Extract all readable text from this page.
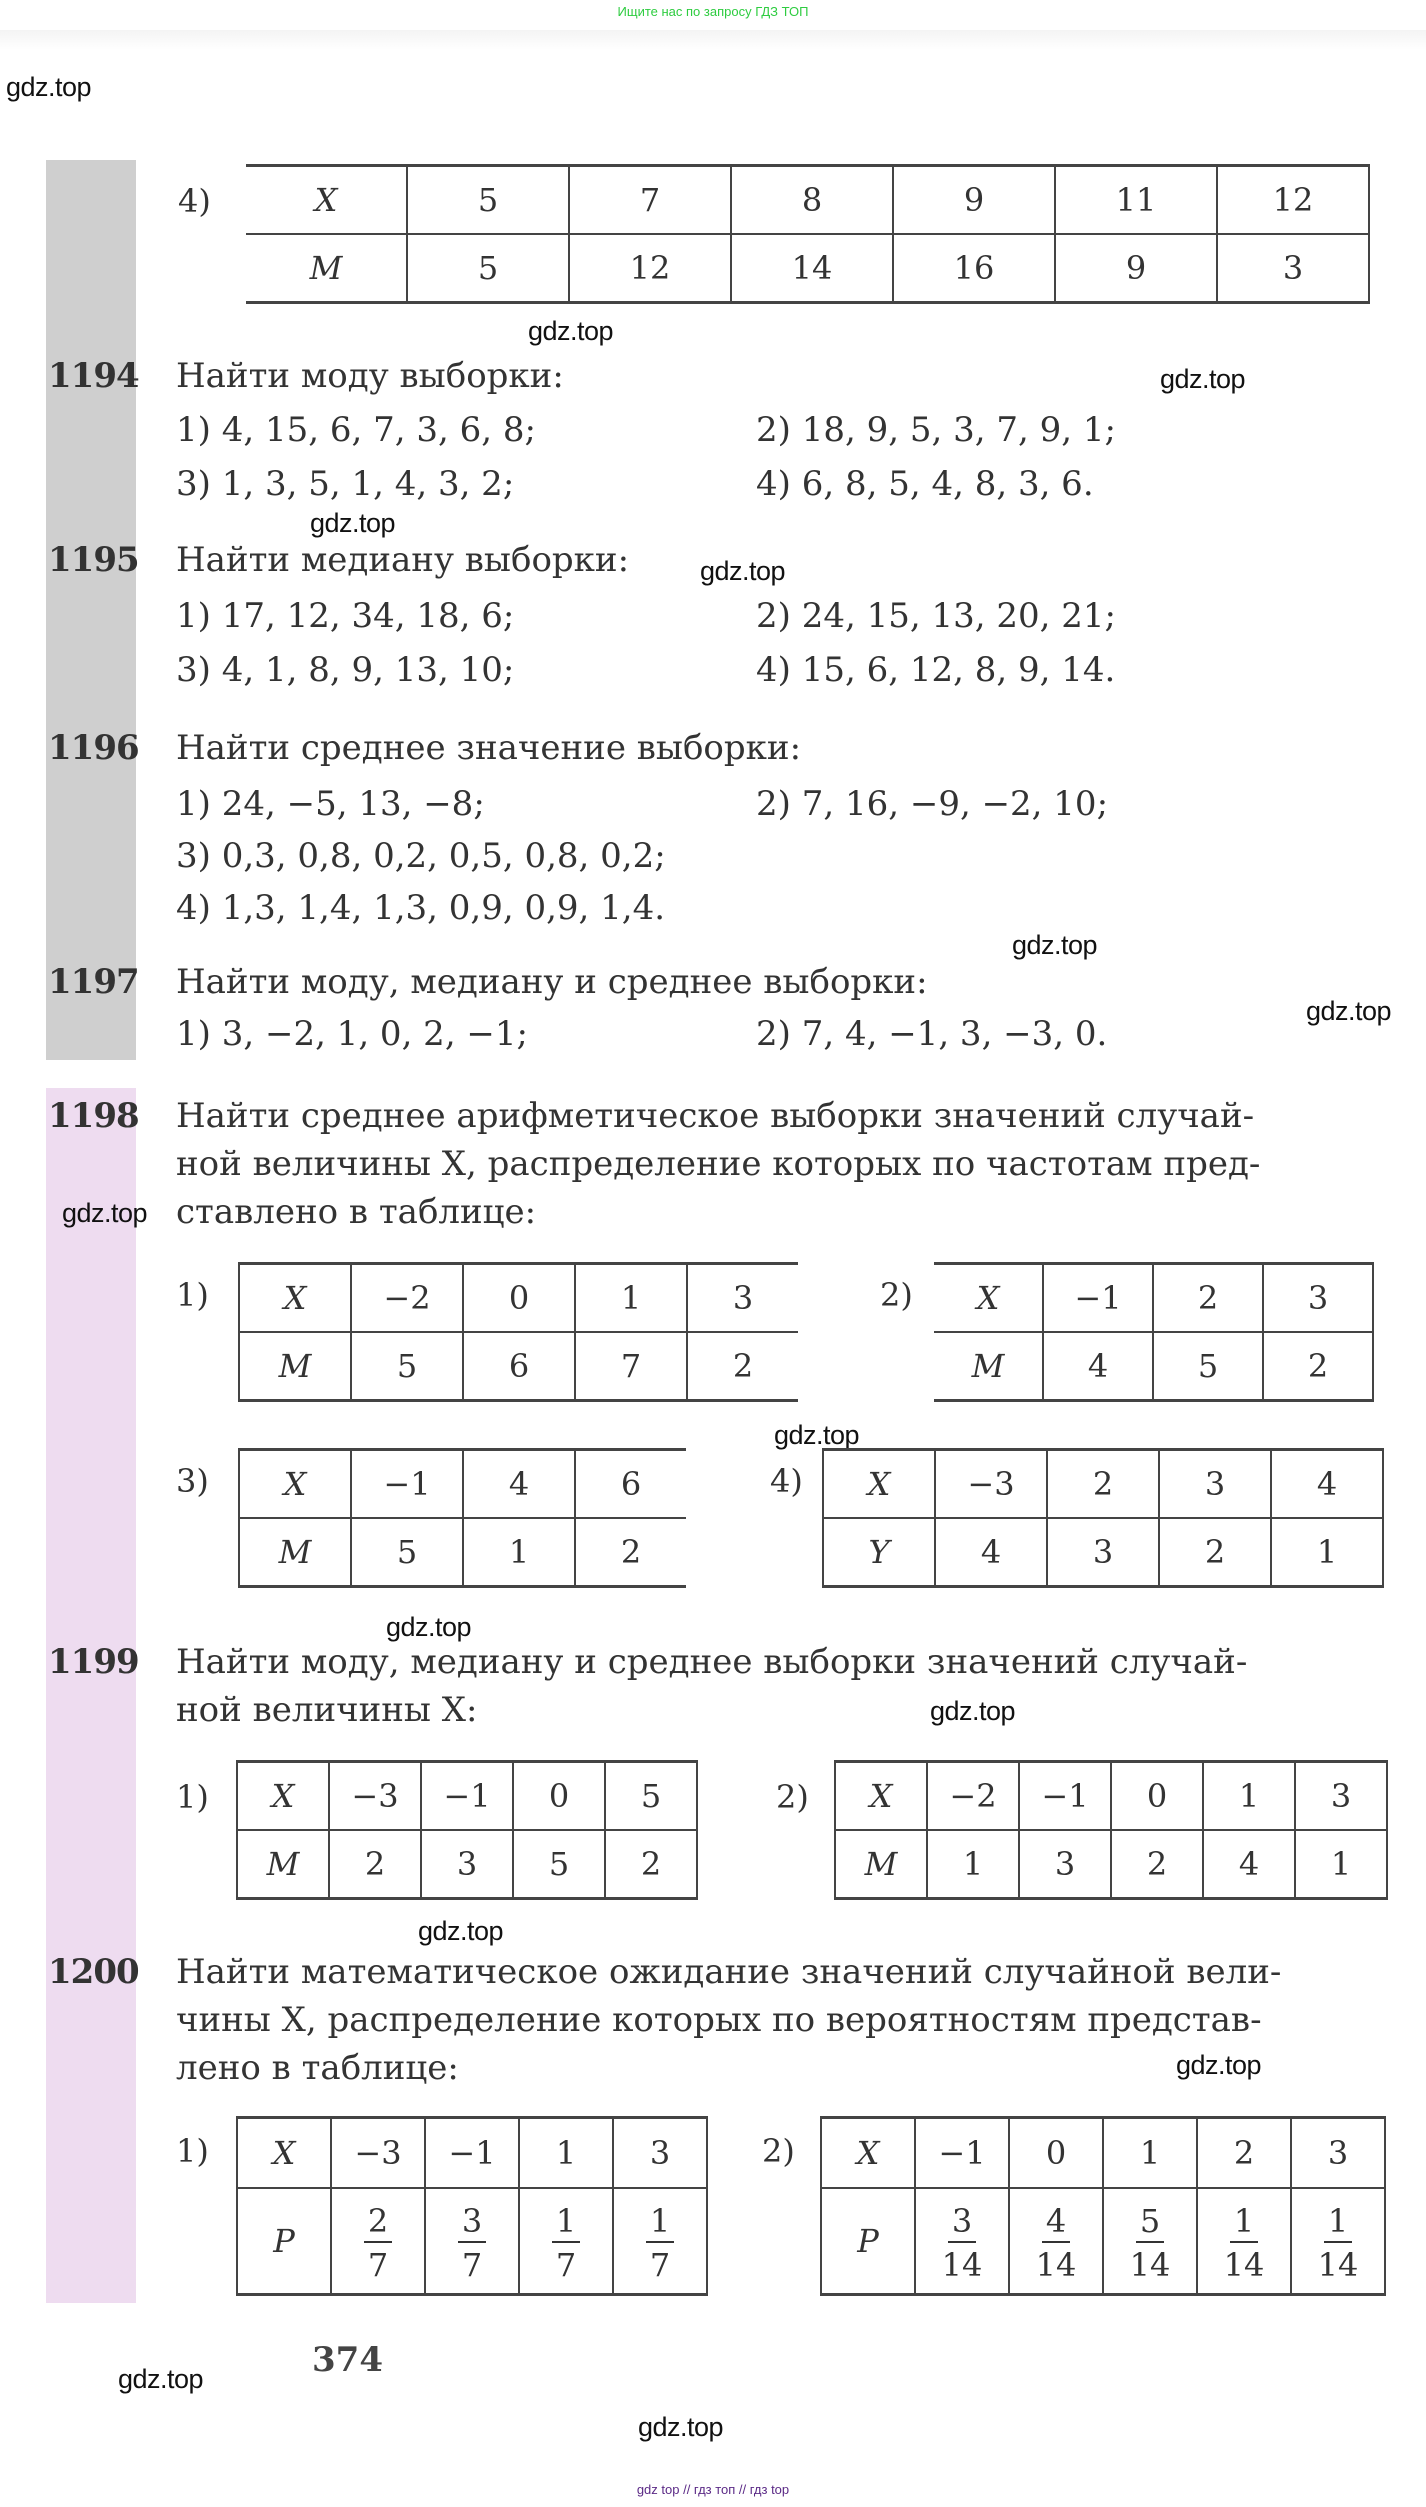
Ищите нас по запросу ГДЗ ТОП
gdz.top
gdz.top
gdz.top
gdz.top
gdz.top
gdz.top
gdz.top
gdz.top
gdz.top
gdz.top
gdz.top
gdz.top
gdz.top
gdz.top
gdz.top
4)	X	5	7	8	9	11	12
M	5	12	14	16	9	3
1194 Найти моду выборки:
1) 4, 15, 6, 7, 3, 6, 8;	2) 18, 9, 5, 3, 7, 9, 1;
3) 1, 3, 5, 1, 4, 3, 2;	4) 6, 8, 5, 4, 8, 3, 6.
1195 Найти медиану выборки:
1) 17, 12, 34, 18, 6;	2) 24, 15, 13, 20, 21;
3) 4, 1, 8, 9, 13, 10;	4) 15, 6, 12, 8, 9, 14.
1196 Найти среднее значение выборки:
1) 24, −5, 13, −8;	2) 7, 16, −9, −2, 10;
3) 0,3, 0,8, 0,2, 0,5, 0,8, 0,2;
4) 1,3, 1,4, 1,3, 0,9, 0,9, 1,4.
1197 Найти моду, медиану и среднее выборки:
1) 3, −2, 1, 0, 2, −1;	2) 7, 4, −1, 3, −3, 0.
1198 Найти среднее арифметическое выборки значений случай-
ной величины X, распределение которых по частотам пред-
ставлено в таблице:
1) X	−2	0	1	3
M	5	6	7	2
2) X	−1	2	3
M	4	5	2
3) X	−1	4	6
M	5	1	2
4) X	−3	2	3	4
Y	4	3	2	1
1199 Найти моду, медиану и среднее выборки значений случай-
ной величины X:
1) X	−3	−1	0	5
M	2	3	5	2
2) X	−2	−1	0	1	3
M	1	3	2	4	1
1200 Найти математическое ожидание значений случайной вели-
чины X, распределение которых по вероятностям представ-
лено в таблице:
1) X	−3	−1	1	3
P	$\frac{2}{7}$	$\frac{3}{7}$	$\frac{1}{7}$	$\frac{1}{7}$
2) X	−1	0	1	2	3
P	$\frac{3}{14}$	$\frac{4}{14}$	$\frac{5}{14}$	$\frac{1}{14}$	$\frac{1}{14}$
374
gdz top // гдз топ // гдз top
